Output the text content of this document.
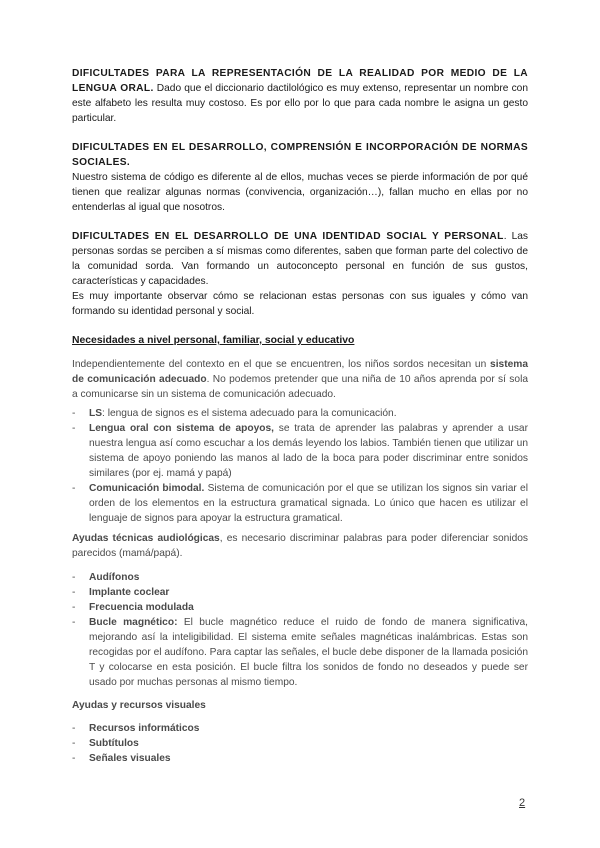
DIFICULTADES PARA LA REPRESENTACIÓN DE LA REALIDAD POR MEDIO DE LA LENGUA ORAL. Dado que el diccionario dactilológico es muy extenso, representar un nombre con este alfabeto les resulta muy costoso. Es por ello por lo que para cada nombre le asigna un gesto particular.

DIFICULTADES EN EL DESARROLLO, COMPRENSIÓN E INCORPORACIÓN DE NORMAS SOCIALES.

Nuestro sistema de código es diferente al de ellos, muchas veces se pierde información de por qué tienen que realizar algunas normas (convivencia, organización…), fallan mucho en ellas por no entenderlas al igual que nosotros.

DIFICULTADES EN EL DESARROLLO DE UNA IDENTIDAD SOCIAL Y PERSONAL. Las personas sordas se perciben a sí mismas como diferentes, saben que forman parte del colectivo de la comunidad sorda. Van formando un autoconcepto personal en función de sus gustos, características y capacidades.

Es muy importante observar cómo se relacionan estas personas con sus iguales y cómo van formando su identidad personal y social.

Necesidades a nivel personal, familiar, social y educativo

Independientemente del contexto en el que se encuentren, los niños sordos necesitan un sistema de comunicación adecuado. No podemos pretender que una niña de 10 años aprenda por sí sola a comunicarse sin un sistema de comunicación adecuado.

- LS: lengua de signos es el sistema adecuado para la comunicación.
- Lengua oral con sistema de apoyos, se trata de aprender las palabras y aprender a usar nuestra lengua así como escuchar a los demás leyendo los labios. También tienen que utilizar un sistema de apoyo poniendo las manos al lado de la boca para poder discriminar entre sonidos similares (por ej. mamá y papá)
- Comunicación bimodal. Sistema de comunicación por el que se utilizan los signos sin variar el orden de los elementos en la estructura gramatical signada. Lo único que hacen es utilizar el lenguaje de signos para apoyar la estructura gramatical.

Ayudas técnicas audiológicas, es necesario discriminar palabras para poder diferenciar sonidos parecidos (mamá/papá).

- Audífonos
- Implante coclear
- Frecuencia modulada
- Bucle magnético: El bucle magnético reduce el ruido de fondo de manera significativa, mejorando así la inteligibilidad. El sistema emite señales magnéticas inalámbricas. Estas son recogidas por el audífono. Para captar las señales, el bucle debe disponer de la llamada posición T y colocarse en esta posición. El bucle filtra los sonidos de fondo no deseados y puede ser usado por muchas personas al mismo tiempo.

Ayudas y recursos visuales

- Recursos informáticos
- Subtítulos
- Señales visuales
2
